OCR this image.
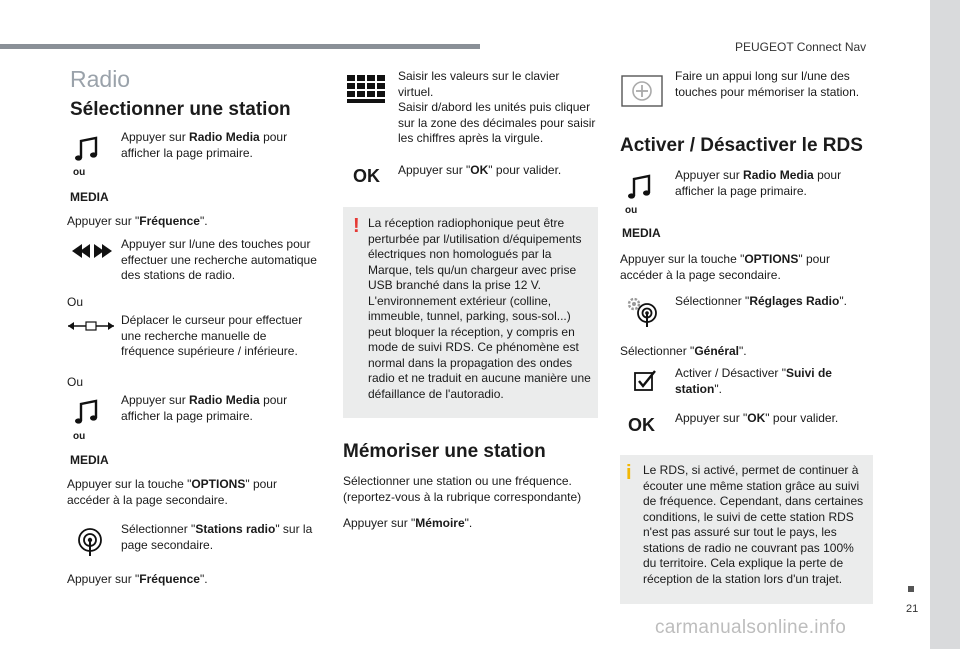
PEUGEOT Connect Nav
21
carmanualsonline.info
Radio
Sélectionner une station
ou
MEDIA

Appuyer sur Radio Media pour afficher la page primaire.

Appuyer sur "Fréquence".

Appuyer sur l/une des touches pour effectuer une recherche automatique des stations de radio.

Ou

Déplacer le curseur pour effectuer une recherche manuelle de fréquence supérieure / inférieure.

Ou
ou
MEDIA

Appuyer sur Radio Media pour afficher la page primaire.

Appuyer sur la touche "OPTIONS" pour accéder à la page secondaire.

Sélectionner "Stations radio" sur la page secondaire.

Appuyer sur "Fréquence".

Saisir les valeurs sur le clavier virtuel.

Saisir d/abord les unités puis cliquer sur la zone des décimales pour saisir les chiffres après la virgule.

OK Appuyer sur "OK" pour valider.

! La réception radiophonique peut être perturbée par l/utilisation d/équipements électriques non homologués par la Marque, tels qu/un chargeur avec prise USB branché dans la prise 12 V. L'environnement extérieur (colline, immeuble, tunnel, parking, sous-sol...) peut bloquer la réception, y compris en mode de suivi RDS. Ce phénomène est normal dans la propagation des ondes radio et ne traduit en aucune manière une défaillance de l'autoradio.

Mémoriser une station

Sélectionner une station ou une fréquence. (reportez-vous à la rubrique correspondante)

Appuyer sur "Mémoire".

Faire un appui long sur l/une des touches pour mémoriser la station.

Activer / Désactiver le RDS
ou
MEDIA

Appuyer sur Radio Media pour afficher la page primaire.

Appuyer sur la touche "OPTIONS" pour accéder à la page secondaire.

Sélectionner "Réglages Radio".

Sélectionner "Général".

Activer / Désactiver "Suivi de station".

OK Appuyer sur "OK" pour valider.

i Le RDS, si activé, permet de continuer à écouter une même station grâce au suivi de fréquence. Cependant, dans certaines conditions, le suivi de cette station RDS n'est pas assuré sur tout le pays, les stations de radio ne couvrant pas 100% du territoire. Cela explique la perte de réception de la station lors d'un trajet.
